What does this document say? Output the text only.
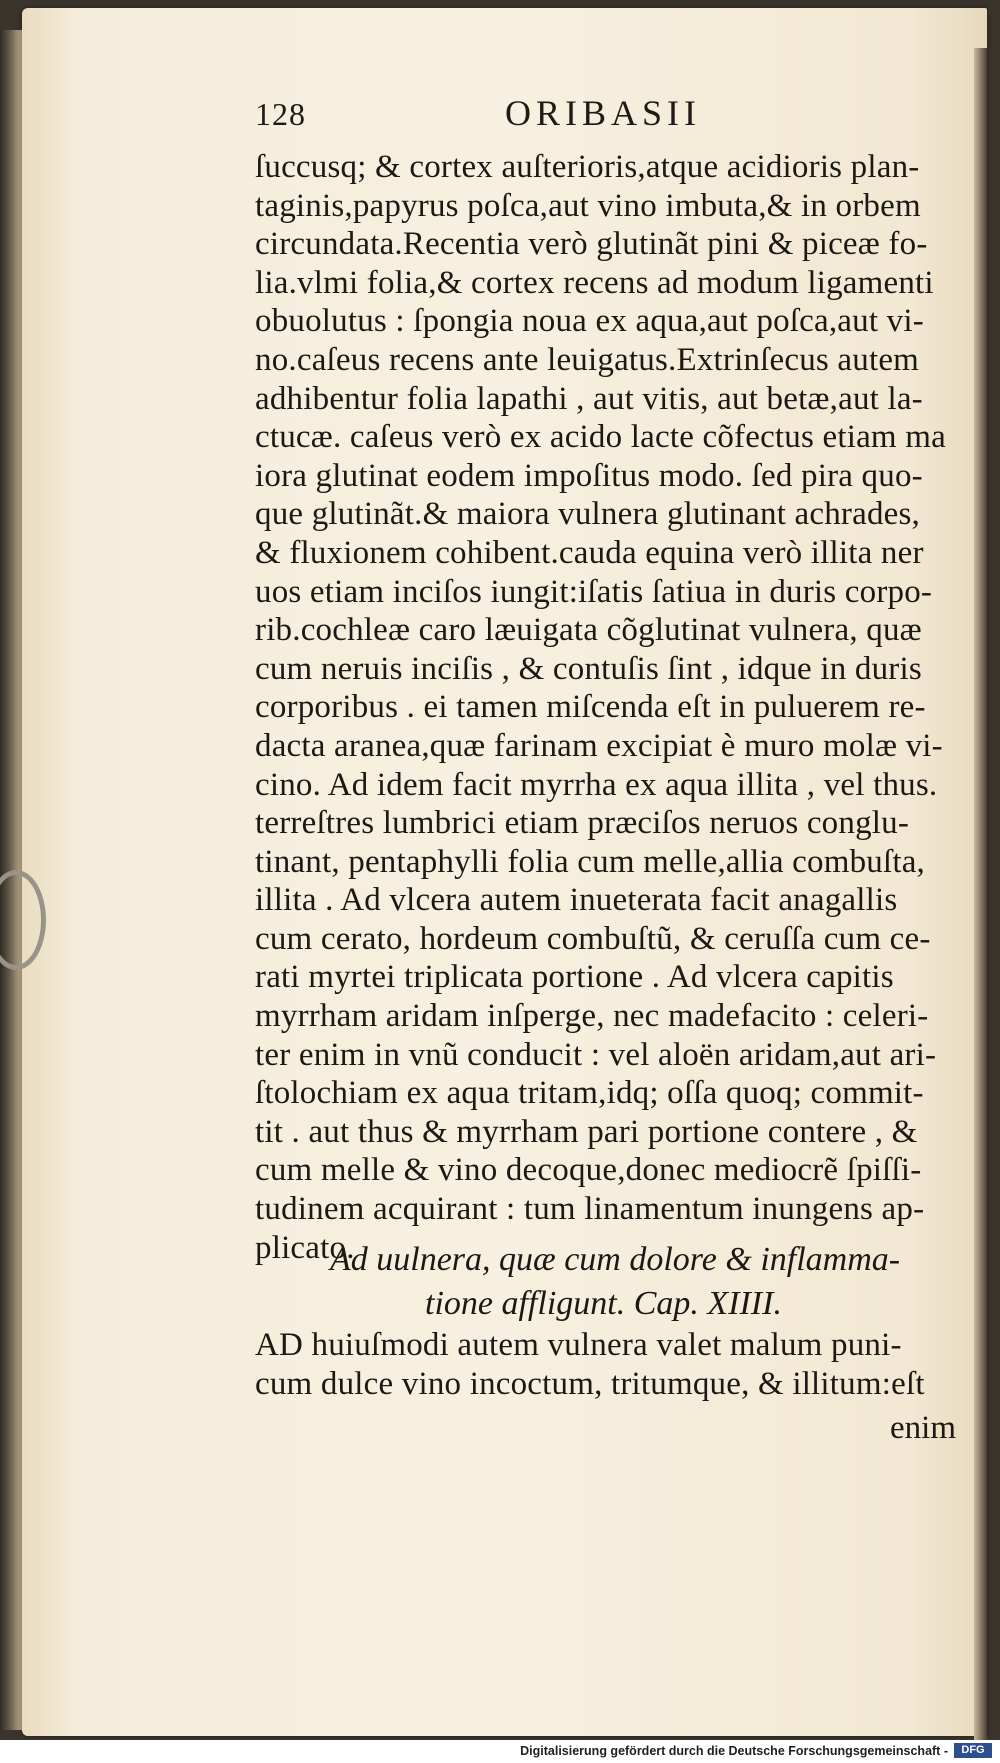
128	ORIBASII
ſuccusq; & cortex auſterioris,atque acidioris plan-
taginis,papyrus poſca,aut vino imbuta,& in orbem
circundata.Recentia verò glutinãt pini & piceæ fo-
lia.vlmi folia,& cortex recens ad modum ligamenti
obuolutus : ſpongia noua ex aqua,aut poſca,aut vi-
no.caſeus recens ante leuigatus.Extrinſecus autem
adhibentur folia lapathi , aut vitis, aut betæ,aut la-
ctucæ. caſeus verò ex acido lacte cõfectus etiam ma
iora glutinat eodem impoſitus modo. ſed pira quo-
que glutinãt.& maiora vulnera glutinant achrades,
& fluxionem cohibent.cauda equina verò illita ner
uos etiam inciſos iungit:iſatis ſatiua in duris corpo-
rib.cochleæ caro læuigata cõglutinat vulnera, quæ
cum neruis inciſis , & contuſis ſint , idque in duris
corporibus . ei tamen miſcenda eſt in puluerem re-
dacta aranea,quæ farinam excipiat è muro molæ vi-
cino. Ad idem facit myrrha ex aqua illita , vel thus.
terreſtres lumbrici etiam præciſos neruos conglu-
tinant, pentaphylli folia cum melle,allia combuſta,
illita . Ad vlcera autem inueterata facit anagallis
cum cerato, hordeum combuſtũ, & ceruſſa cum ce-
rati myrtei triplicata portione . Ad vlcera capitis
myrrham aridam inſperge, nec madefacito : celeri-
ter enim in vnũ conducit : vel aloën aridam,aut ari-
ſtolochiam ex aqua tritam,idq; oſſa quoq; commit-
tit . aut thus & myrrham pari portione contere , &
cum melle & vino decoque,donec mediocrẽ ſpiſſi-
tudinem acquirant : tum linamentum inungens ap-
plicato.
Ad uulnera, quæ cum dolore & inflamma-
tione affligunt. Cap. XIIII.
AD huiuſmodi autem vulnera valet malum puni-
cum dulce vino incoctum, tritumque, & illitum:eſt
enim
Digitalisierung gefördert durch die Deutsche Forschungsgemeinschaft -	DFG
